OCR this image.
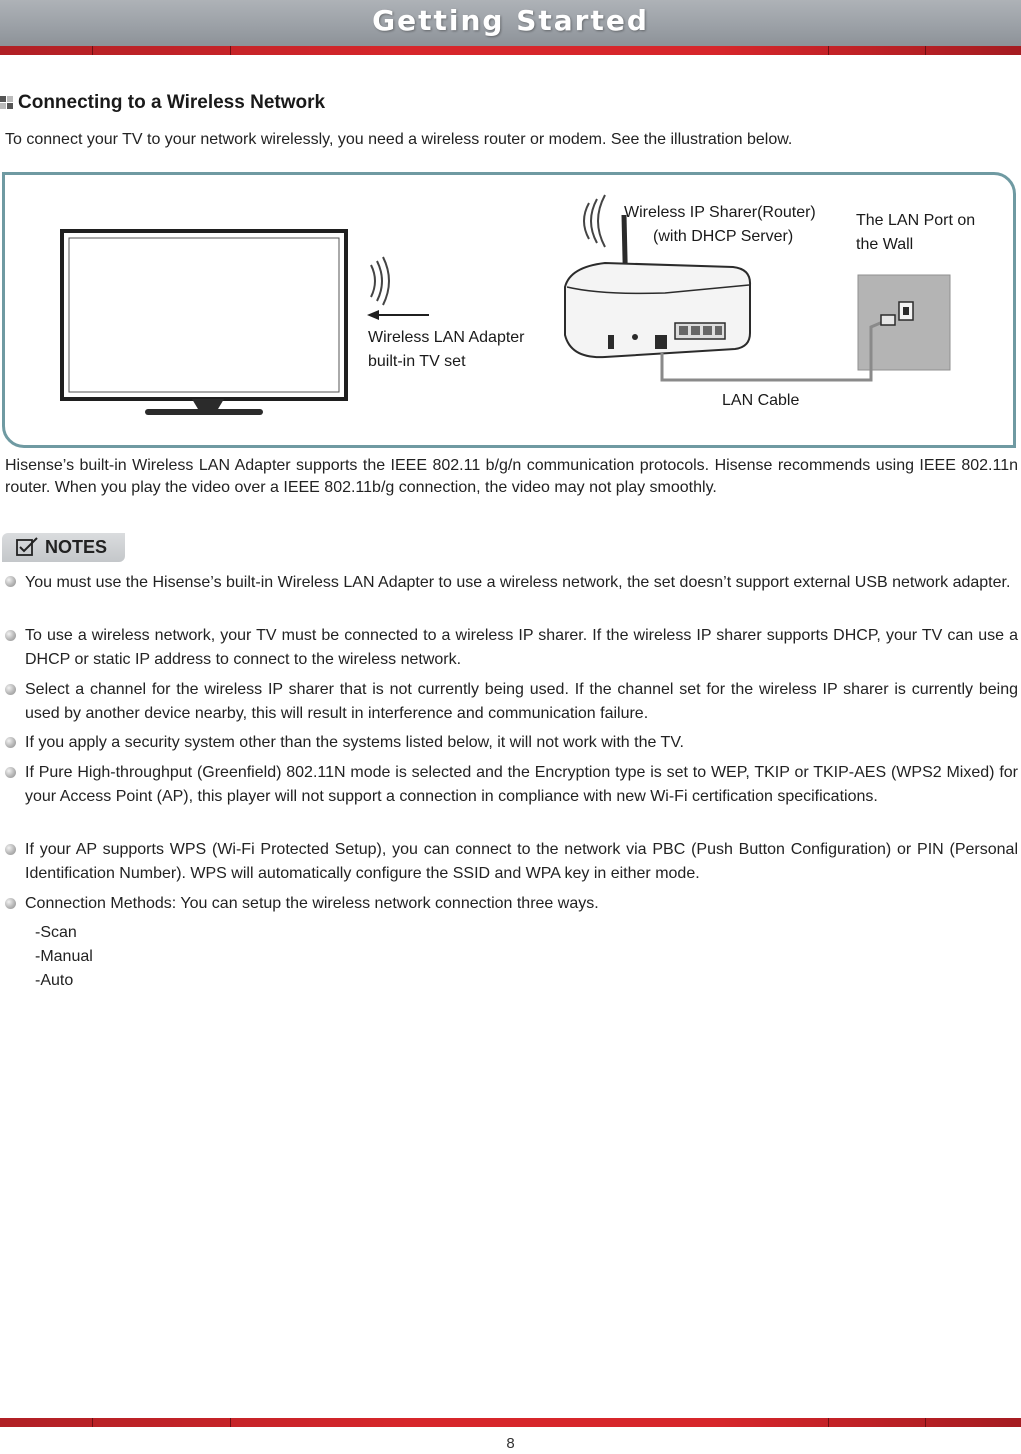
Getting Started
Connecting to a Wireless Network
To connect your TV to your network wirelessly, you need a wireless router or modem. See the illustration below.
Wireless IP Sharer(Router)
(with DHCP Server)
The LAN Port on
the Wall
Wireless LAN Adapter
built-in TV set
LAN Cable
Hisense’s built-in Wireless LAN Adapter supports the IEEE 802.11 b/g/n communication protocols. Hisense recommends using IEEE 802.11n router. When you play the video over a IEEE 802.11b/g connection, the video may not play smoothly.
NOTES
You must use the Hisense’s built-in Wireless LAN Adapter to use a wireless network, the set doesn’t support external USB network adapter.
To use a wireless network, your TV must be connected to a wireless IP sharer. If the wireless IP sharer supports DHCP, your TV can use a DHCP or static IP address to connect to the wireless network.
Select a channel for the wireless IP sharer that is not currently being used. If the channel set for the wireless IP sharer is currently being used by another device nearby, this will result in interference and communication failure.
If you apply a security system other than the systems listed below, it will not work with the TV.
If Pure High-throughput (Greenfield) 802.11N mode is selected and the Encryption type is set to WEP, TKIP or TKIP-AES (WPS2 Mixed) for your Access Point (AP), this player will not support a connection in compliance with new Wi-Fi certification specifications.
If your AP supports WPS (Wi-Fi Protected Setup), you can connect to the network via PBC (Push Button Configuration) or PIN (Personal Identification Number). WPS will automatically configure the SSID and WPA key in either mode.
Connection Methods: You can setup the wireless network connection three ways.
-Scan
-Manual
-Auto
8
